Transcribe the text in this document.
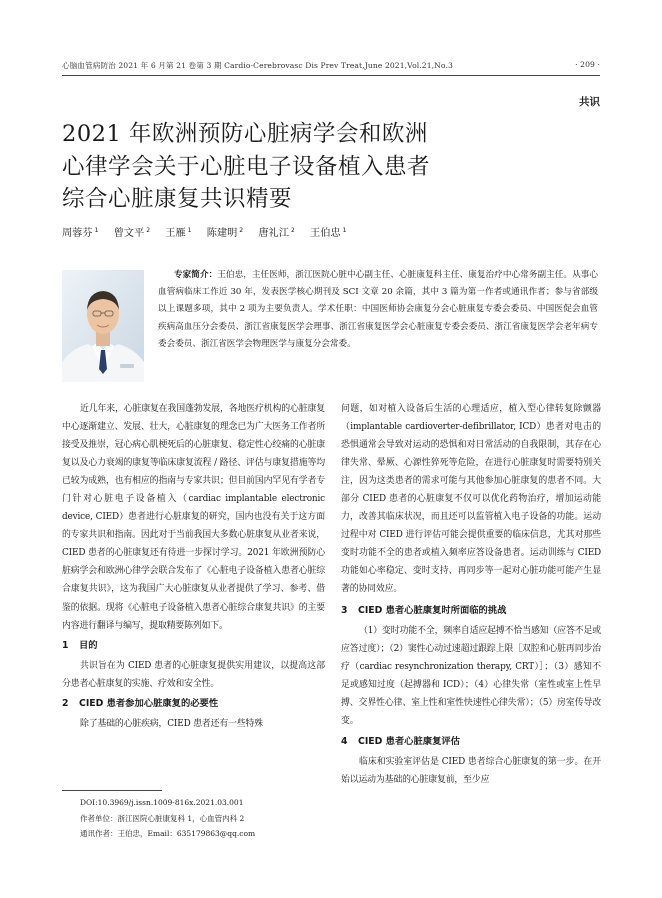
心脑血管病防治 2021 年 6 月第 21 卷第 3 期 Cardio-Cerebrovasc Dis Prev Treat,June 2021,Vol.21,No.3	· 209 ·
共识
2021 年欧洲预防心脏病学会和欧洲
心律学会关于心脏电子设备植入患者
综合心脏康复共识精要
周蓉芬 $^1$ 曾文平 $^2$ 王雁 $^1$ 陈建明 $^2$ 唐礼江 $^2$ 王伯忠 $^1$

专家简介：王伯忠，主任医师，浙江医院心脏中心副主任、心脏康复科主任、康复治疗中心常务副主任。从事心血管病临床工作近 30 年，发表医学核心期刊及 SCI 文章 20 余篇，其中 3 篇为第一作者或通讯作者；参与省部级以上课题多项，其中 2 项为主要负责人。学术任职：中国医师协会康复分会心脏康复专委会委员、中国医促会血管疾病高血压分会委员、浙江省康复医学会理事、浙江省康复医学会心脏康复专委会委员、浙江省康复医学会老年病专委会委员、浙江省医学会物理医学与康复分会常委。

近几年来，心脏康复在我国蓬勃发展，各地医疗机构的心脏康复中心逐渐建立、发展、壮大，心脏康复的理念已为广大医务工作者所接受及推崇，冠心病心肌梗死后的心脏康复、稳定性心绞痛的心脏康复以及心力衰竭的康复等临床康复流程 / 路径、评估与康复措施等均已较为成熟，也有相应的指南与专家共识；但目前国内罕见有学者专门针对心脏电子设备植入（cardiac implantable electronic device, CIED）患者进行心脏康复的研究，国内也没有关于这方面的专家共识和指南。因此对于当前我国大多数心脏康复从业者来说，CIED 患者的心脏康复还有待进一步探讨学习。2021 年欧洲预防心脏病学会和欧洲心律学会联合发布了《心脏电子设备植入患者心脏综合康复共识》，这为我国广大心脏康复从业者提供了学习、参考、借鉴的依据。现将《心脏电子设备植入患者心脏综合康复共识》的主要内容进行翻译与编写，提取精要陈列如下。

1 目的

共识旨在为 CIED 患者的心脏康复提供实用建议，以提高这部分患者心脏康复的实施、疗效和安全性。

2 CIED 患者参加心脏康复的必要性

除了基础的心脏疾病，CIED 患者还有一些特殊

问题，如对植入设备后生活的心理适应，植入型心律转复除颤器（implantable cardioverter-defibrillator, ICD）患者对电击的恐惧通常会导致对运动的恐惧和对日常活动的自我限制，其存在心律失常、晕厥、心源性猝死等危险，在进行心脏康复时需要特别关注，因为这类患者的需求可能与其他参加心脏康复的患者不同。大部分 CIED 患者的心脏康复不仅可以优化药物治疗，增加运动能力，改善其临床状况，而且还可以监管植入电子设备的功能。运动过程中对 CIED 进行评估可能会提供重要的临床信息，尤其对那些变时功能不全的患者或植入频率应答设备患者。运动训练与 CIED 功能如心率稳定、变时支持、再同步等一起对心脏功能可能产生显著的协同效应。

3 CIED 患者心脏康复时所面临的挑战

（1）变时功能不全，频率自适应起搏不恰当感知（应答不足或应答过度）；（2）窦性心动过速超过跟踪上限［双腔和心脏再同步治疗（cardiac resynchronization therapy, CRT）］；（3）感知不足或感知过度（起搏器和 ICD）；（4）心律失常（室性或室上性早搏、交界性心律、室上性和室性快速性心律失常）；（5）房室传导改变。

4 CIED 患者心脏康复评估

临床和实验室评估是 CIED 患者综合心脏康复的第一步。在开始以运动为基础的心脏康复前，至少应

DOI:10.3969/j.issn.1009-816x.2021.03.001
作者单位：浙江医院心脏康复科 1，心血管内科 2
通讯作者：王伯忠，Email：635179863@qq.com
